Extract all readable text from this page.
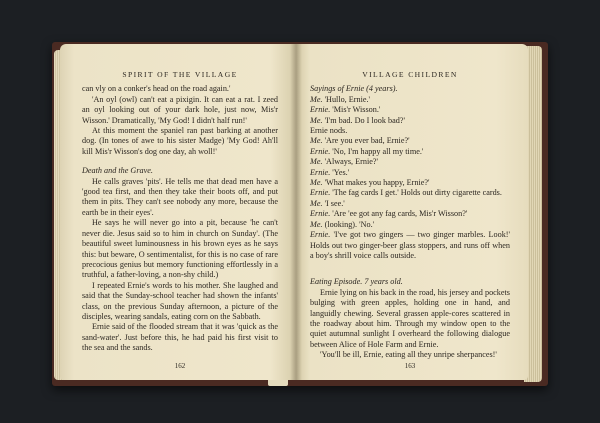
SPIRIT OF THE VILLAGE

can vly on a conker's head on the road again.'

'An oyl (owl) can't eat a pixigin. It can eat a rat. I zeed an oyl looking out of your dark hole, just now, Mis'r Wisson.' Dramatically, 'My God! I didn't half run!'

At this moment the spaniel ran past barking at another dog. (In tones of awe to his sister Madge) 'My God! Ah'll kill Mis'r Wisson's dog one day, ah woll!'

Death and the Grave.

He calls graves 'pits'. He tells me that dead men have a 'good tea first, and then they take their boots off, and put them in pits. They can't see nobody any more, because the earth be in their eyes'.

He says he will never go into a pit, because 'he can't never die. Jesus said so to him in church on Sunday'. (The beautiful sweet luminousness in his brown eyes as he says this: but beware, O sentimentalist, for this is no case of rare precocious genius but memory functioning effortlessly in a truthful, a father-loving, a non-shy child.)

I repeated Ernie's words to his mother. She laughed and said that the Sunday-school teacher had shown the infants' class, on the previous Sunday afternoon, a picture of the disciples, wearing sandals, eating corn on the Sabbath.

Ernie said of the flooded stream that it was 'quick as the sand-water'. Just before this, he had paid his first visit to the sea and the sands.

162
VILLAGE CHILDREN

Sayings of Ernie (4 years).

Me. 'Hullo, Ernie.'

Ernie. 'Mis'r Wisson.'

Me. 'I'm bad. Do I look bad?'

Ernie nods.

Me. 'Are you ever bad, Ernie?'

Ernie. 'No, I'm happy all my time.'

Me. 'Always, Ernie?'

Ernie. 'Yes.'

Me. 'What makes you happy, Ernie?'

Ernie. 'The fag cards I get.' Holds out dirty cigarette cards.

Me. 'I see.'

Ernie. 'Are 'ee got any fag cards, Mis'r Wisson?'

Me. (looking). 'No.'

Ernie. 'I've got two gingers — two ginger marbles. Look!' Holds out two ginger-beer glass stoppers, and runs off when a boy's shrill voice calls outside.

Eating Episode. 7 years old.

Ernie lying on his back in the road, his jersey and pockets bulging with green apples, holding one in hand, and languidly chewing. Several grassen apple-cores scattered in the roadway about him. Through my window open to the quiet autumnal sunlight I overheard the following dialogue between Alice of Hole Farm and Ernie.

'You'll be ill, Ernie, eating all they unripe sherpances!'

163
